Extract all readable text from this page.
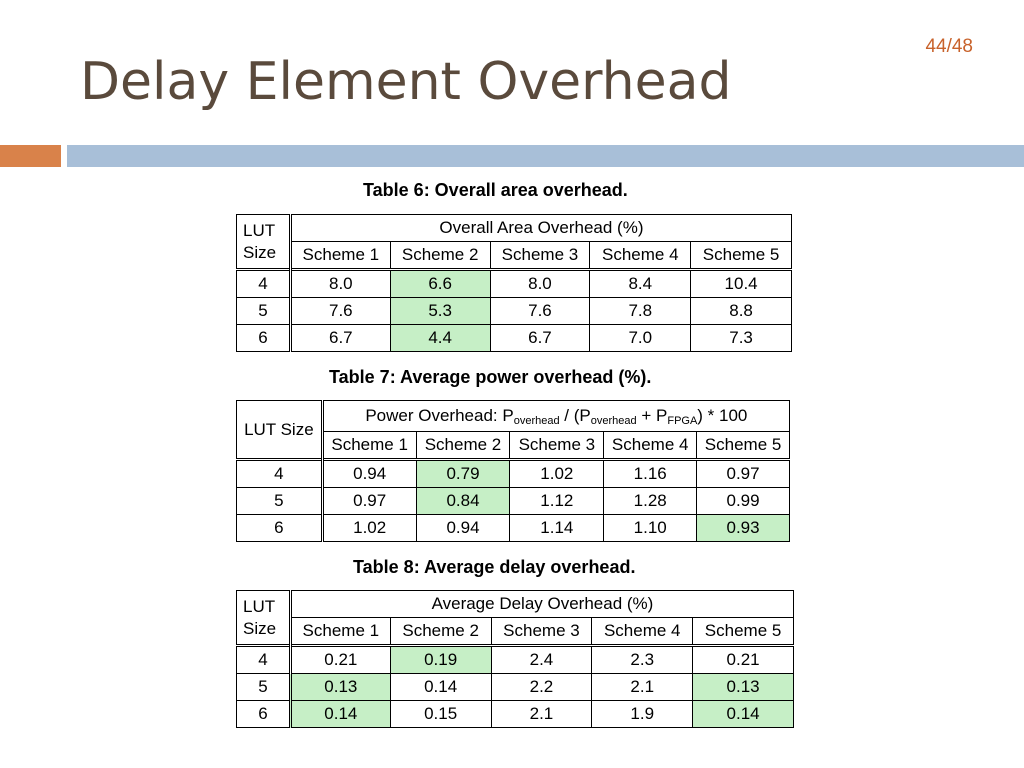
44/48
Delay Element Overhead
Table 6: Overall area overhead.
LUT Size	Overall Area Overhead (%)				
	Scheme 1	Scheme 2	Scheme 3	Scheme 4	Scheme 5
4	8.0	6.6	8.0	8.4	10.4
5	7.6	5.3	7.6	7.8	8.8
6	6.7	4.4	6.7	7.0	7.3
Table 7: Average power overhead (%).
LUT Size	Power Overhead: $P_{overhead} / (P_{overhead} + P_{FPGA}) * 100$				
	Scheme 1	Scheme 2	Scheme 3	Scheme 4	Scheme 5
4	0.94	0.79	1.02	1.16	0.97
5	0.97	0.84	1.12	1.28	0.99
6	1.02	0.94	1.14	1.10	0.93
Table 8: Average delay overhead.
LUT Size	Average Delay Overhead (%)				
	Scheme 1	Scheme 2	Scheme 3	Scheme 4	Scheme 5
4	0.21	0.19	2.4	2.3	0.21
5	0.13	0.14	2.2	2.1	0.13
6	0.14	0.15	2.1	1.9	0.14
